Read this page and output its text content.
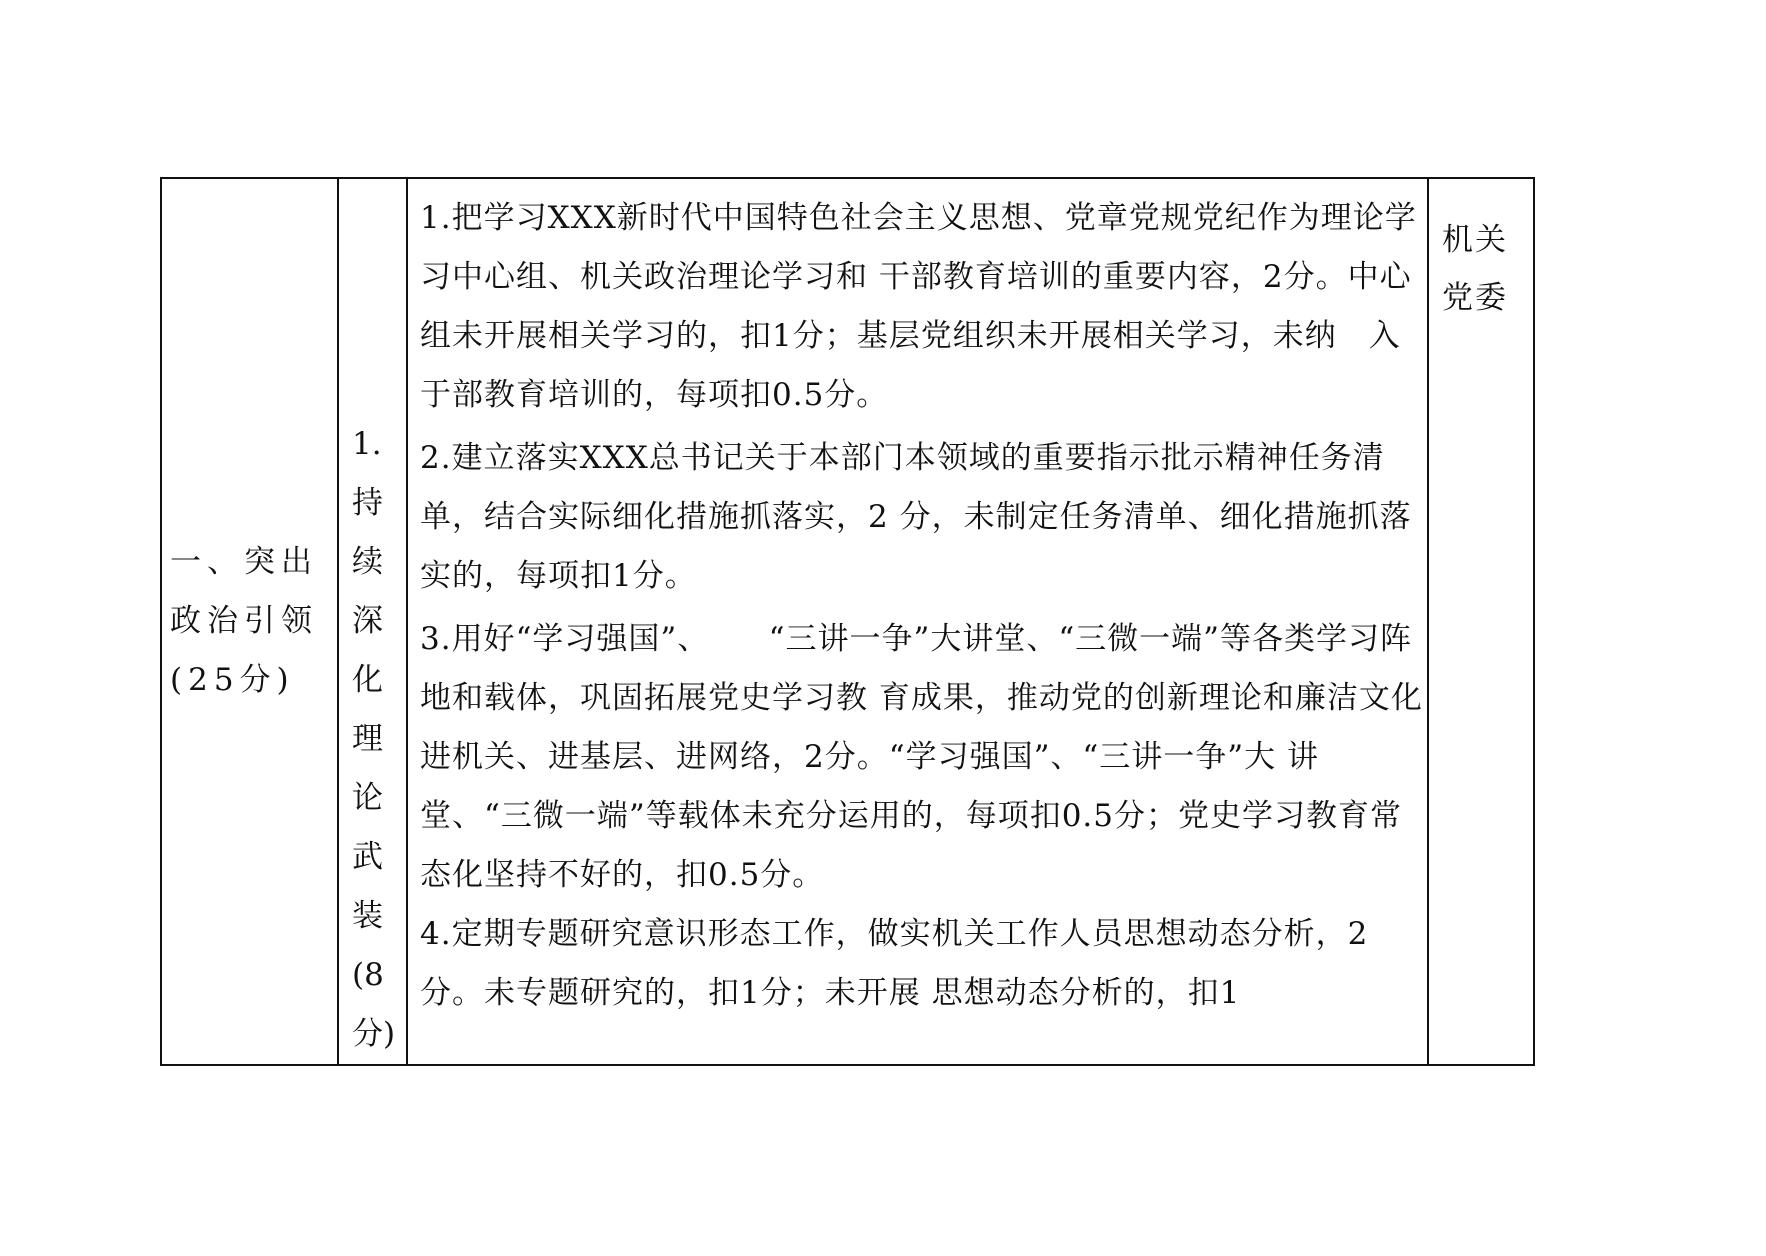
一、突出政治引领(25分)
1.持续深化理论武装(8分)

1.把学习XXX新时代中国特色社会主义思想、党章党规党纪作为理论学习中心组、机关政治理论学习和 干部教育培训的重要内容，2分。中心组未开展相关学习的，扣1分；基层党组织未开展相关学习，未纳　入于部教育培训的，每项扣0.5分。

2.建立落实XXX总书记关于本部门本领域的重要指示批示精神任务清单，结合实际细化措施抓落实，2 分，未制定任务清单、细化措施抓落实的，每项扣1分。

3.用好“学习强国”、　　 “三讲一争”大讲堂、“三微一端”等各类学习阵地和载体，巩固拓展党史学习教 育成果，推动党的创新理论和廉洁文化进机关、进基层、进网络，2分。“学习强国”、“三讲一争”大 讲堂、“三微一端”等载体未充分运用的，每项扣0.5分；党史学习教育常态化坚持不好的，扣0.5分。

4.定期专题研究意识形态工作，做实机关工作人员思想动态分析，2分。未专题研究的，扣1分；未开展 思想动态分析的，扣1

机关党委
